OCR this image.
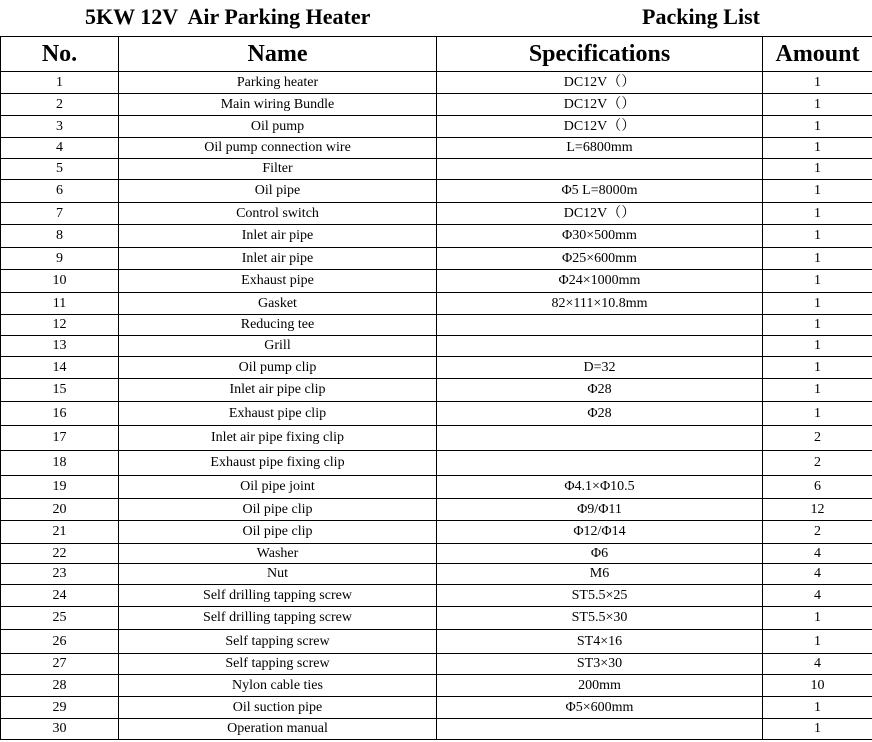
5KW 12V  Air Parking Heater	Packing List
No.	Name	Specifications	Amount
1	Parking heater	DC12V（）	1
2	Main wiring Bundle	DC12V（）	1
3	Oil pump	DC12V（）	1
4	Oil pump connection wire	L=6800mm	1
5	Filter		1
6	Oil pipe	Φ5 L=8000m	1
7	Control switch	DC12V（）	1
8	Inlet air pipe	Φ30×500mm	1
9	Inlet air pipe	Φ25×600mm	1
10	Exhaust pipe	Φ24×1000mm	1
11	Gasket	82×111×10.8mm	1
12	Reducing tee		1
13	Grill		1
14	Oil pump clip	D=32	1
15	Inlet air pipe clip	Φ28	1
16	Exhaust pipe clip	Φ28	1
17	Inlet air pipe fixing clip		2
18	Exhaust pipe fixing clip		2
19	Oil pipe joint	Φ4.1×Φ10.5	6
20	Oil pipe clip	Φ9/Φ11	12
21	Oil pipe clip	Φ12/Φ14	2
22	Washer	Φ6	4
23	Nut	M6	4
24	Self drilling tapping screw	ST5.5×25	4
25	Self drilling tapping screw	ST5.5×30	1
26	Self tapping screw	ST4×16	1
27	Self tapping screw	ST3×30	4
28	Nylon cable ties	200mm	10
29	Oil suction pipe	Φ5×600mm	1
30	Operation manual		1
